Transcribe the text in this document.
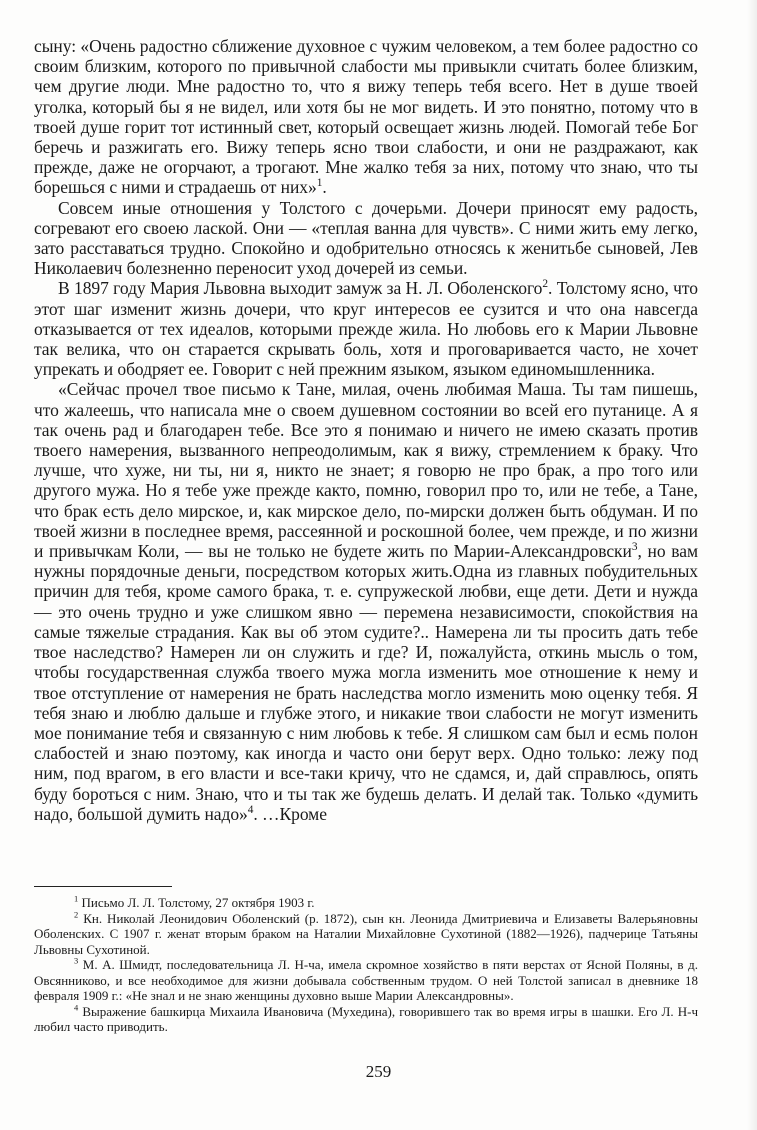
сыну: «Очень радостно сближение духовное с чужим человеком, а тем более радостно со своим близким, которого по привычной слабости мы привыкли считать более близким, чем другие люди. Мне радостно то, что я вижу теперь тебя всего. Нет в душе твоей уголка, который бы я не видел, или хотя бы не мог видеть. И это понятно, потому что в твоей душе горит тот истинный свет, который освещает жизнь людей. Помогай тебе Бог беречь и разжигать его. Вижу теперь ясно твои слабости, и они не раздражают, как прежде, даже не огорчают, а трогают. Мне жалко тебя за них, потому что знаю, что ты борешься с ними и страдаешь от них»$^1$.

Совсем иные отношения у Толстого с дочерьми. Дочери приносят ему радость, согревают его своею лаской. Они — «теплая ванна для чувств». С ними жить ему легко, зато расставаться трудно. Спокойно и одобрительно относясь к женитьбе сыновей, Лев Николаевич болезненно переносит уход дочерей из семьи.

В 1897 году Мария Львовна выходит замуж за Н. Л. Оболенского$^2$. Толстому ясно, что этот шаг изменит жизнь дочери, что круг интересов ее сузится и что она навсегда отказывается от тех идеалов, которыми прежде жила. Но любовь его к Марии Львовне так велика, что он старается скрывать боль, хотя и проговаривается часто, не хочет упрекать и ободряет ее. Говорит с ней прежним языком, языком единомышленника.

«Сейчас прочел твое письмо к Тане, милая, очень любимая Маша. Ты там пишешь, что жалеешь, что написала мне о своем душевном состоянии во всей его путанице. А я так очень рад и благодарен тебе. Все это я понимаю и ничего не имею сказать против твоего намерения, вызванного непреодолимым, как я вижу, стремлением к браку. Что лучше, что хуже, ни ты, ни я, никто не знает; я говорю не про брак, а про того или другого мужа. Но я тебе уже прежде както, помню, говорил про то, или не тебе, а Тане, что брак есть дело мирское, и, как мирское дело, по-мирски должен быть обдуман. И по твоей жизни в последнее время, рассеянной и роскошной более, чем прежде, и по жизни и привычкам Коли, — вы не только не будете жить по Марии-Александровски$^3$, но вам нужны порядочные деньги, посредством которых жить.Одна из главных побудительных причин для тебя, кроме самого брака, т. е. супружеской любви, еще дети. Дети и нужда — это очень трудно и уже слишком явно — перемена независимости, спокойствия на самые тяжелые страдания. Как вы об этом судите?.. Намерена ли ты просить дать тебе твое наследство? Намерен ли он служить и где? И, пожалуйста, откинь мысль о том, чтобы государственная служба твоего мужа могла изменить мое отношение к нему и твое отступление от намерения не брать наследства могло изменить мою оценку тебя. Я тебя знаю и люблю дальше и глубже этого, и никакие твои слабости не могут изменить мое понимание тебя и связанную с ним любовь к тебе. Я слишком сам был и есмь полон слабостей и знаю поэтому, как иногда и часто они берут верх. Одно только: лежу под ним, под врагом, в его власти и все-таки кричу, что не сдамся, и, дай справлюсь, опять буду бороться с ним. Знаю, что и ты так же будешь делать. И делай так. Только «думить надо, большой думить надо»$^4$. …Кроме

$^1$ Письмо Л. Л. Толстому, 27 октября 1903 г.

$^2$ Кн. Николай Леонидович Оболенский (р. 1872), сын кн. Леонида Дмитриевича и Елизаветы Валерьяновны Оболенских. С 1907 г. женат вторым браком на Наталии Михайловне Сухотиной (1882—1926), падчерице Татьяны Львовны Сухотиной.

$^3$ М. А. Шмидт, последовательница Л. Н-ча, имела скромное хозяйство в пяти верстах от Ясной Поляны, в д. Овсянниково, и все необходимое для жизни добывала собственным трудом. О ней Толстой записал в дневнике 18 февраля 1909 г.: «Не знал и не знаю женщины духовно выше Марии Александровны».

$^4$ Выражение башкирца Михаила Ивановича (Мухедина), говорившего так во время игры в шашки. Его Л. Н-ч любил часто приводить.

259
